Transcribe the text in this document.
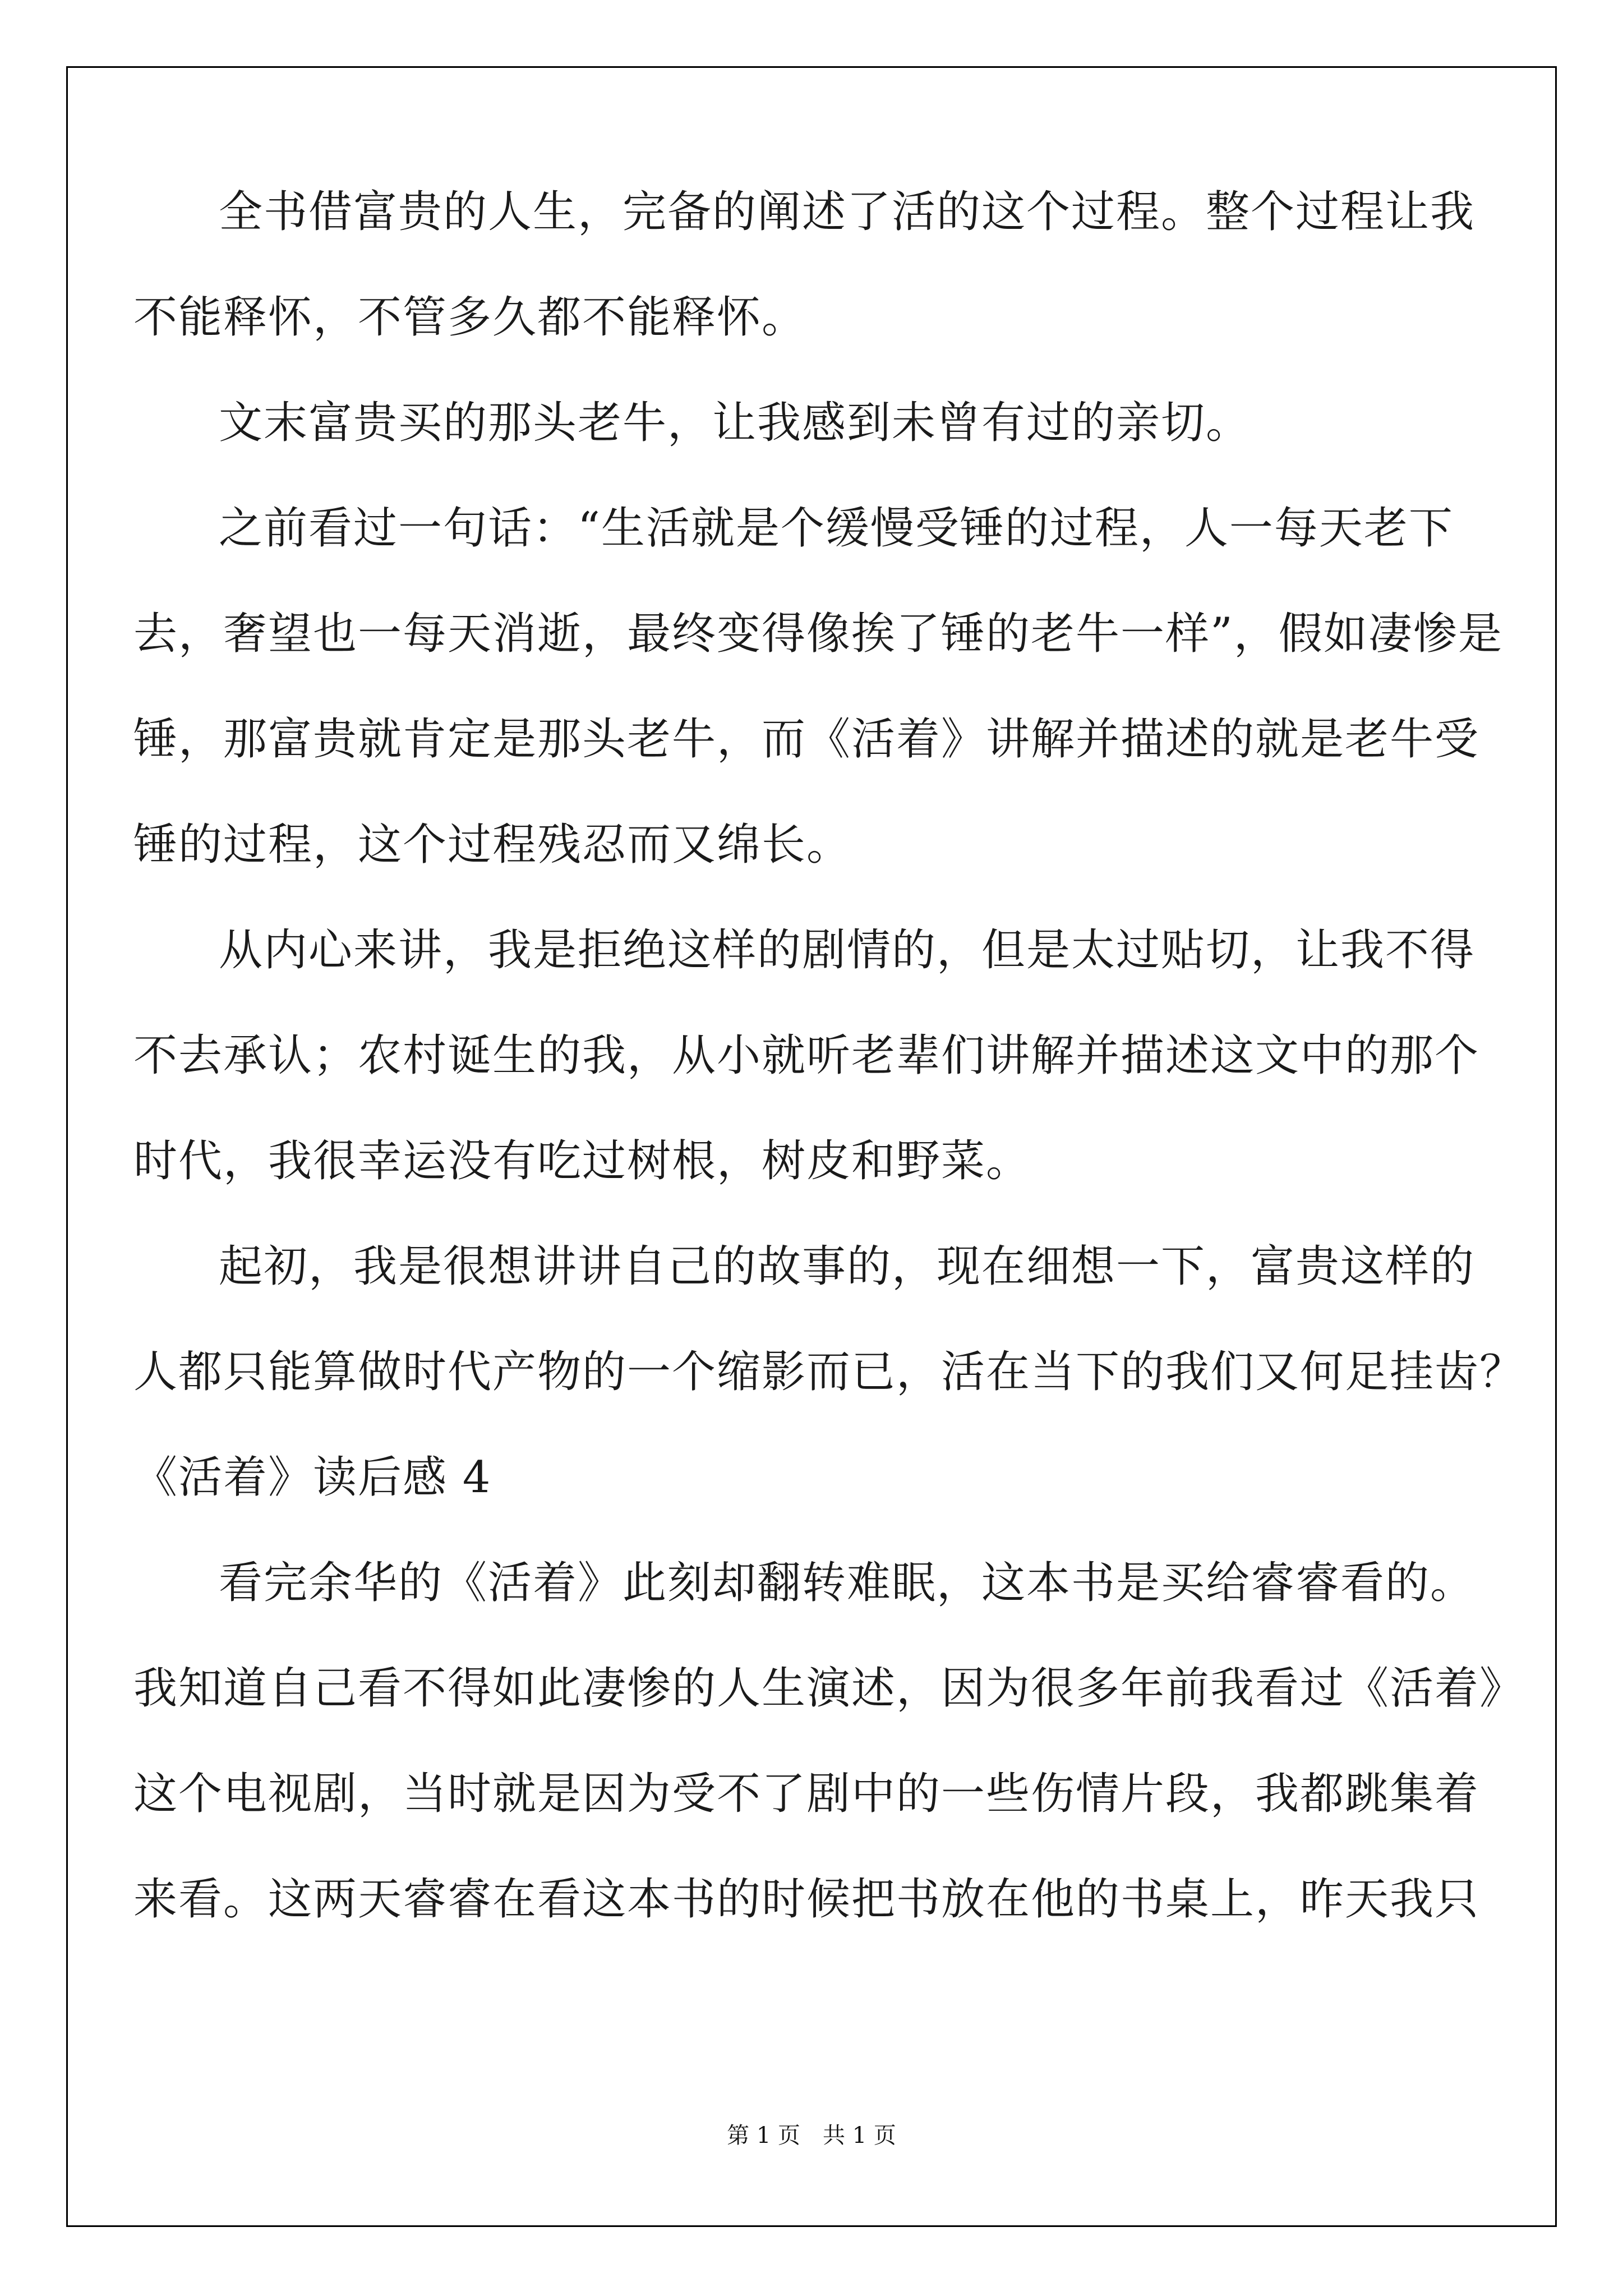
全书借富贵的人生，完备的阐述了活的这个过程。整个过程让我
不能释怀，不管多久都不能释怀。
文末富贵买的那头老牛，让我感到未曾有过的亲切。
之前看过一句话：“生活就是个缓慢受锤的过程，人一每天老下
去，奢望也一每天消逝，最终变得像挨了锤的老牛一样”，假如凄惨是
锤，那富贵就肯定是那头老牛，而《活着》讲解并描述的就是老牛受
锤的过程，这个过程残忍而又绵长。
从内心来讲，我是拒绝这样的剧情的，但是太过贴切，让我不得
不去承认；农村诞生的我，从小就听老辈们讲解并描述这文中的那个
时代，我很幸运没有吃过树根，树皮和野菜。
起初，我是很想讲讲自己的故事的，现在细想一下，富贵这样的
人都只能算做时代产物的一个缩影而已，活在当下的我们又何足挂齿？
《活着》读后感 4
看完余华的《活着》此刻却翻转难眠，这本书是买给睿睿看的。
我知道自己看不得如此凄惨的人生演述，因为很多年前我看过《活着》
这个电视剧，当时就是因为受不了剧中的一些伤情片段，我都跳集着
来看。这两天睿睿在看这本书的时候把书放在他的书桌上，昨天我只
第 1 页　共 1 页
